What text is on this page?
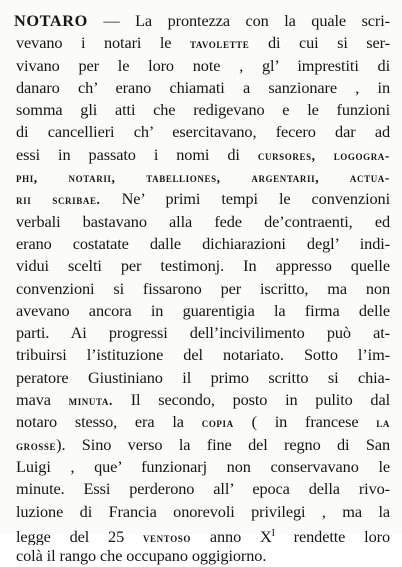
NOTARO — La prontezza con la quale scri-
vevano i notari le tavolette di cui si ser-
vivano per le loro note , gl’ imprestiti di
danaro ch’ erano chiamati a sanzionare , in
somma gli atti che redigevano e le funzioni
di cancellieri ch’ esercitavano, fecero dar ad
essi in passato i nomi di cursores, logogra-
phi, notarii, tabelliones, argentarii, actua-
rii scribae. Ne’ primi tempi le convenzioni
verbali bastavano alla fede de’contraenti, ed
erano costatate dalle dichiarazioni degl’ indi-
vidui scelti per testimonj. In appresso quelle
convenzioni si fissarono per iscritto, ma non
avevano ancora in guarentigia la firma delle
parti. Ai progressi dell’incivilimento può at-
tribuirsi l’istituzione del notariato. Sotto l’im-
peratore Giustiniano il primo scritto si chia-
mava minuta. Il secondo, posto in pulito dal
notaro stesso, era la copia ( in francese la
grosse). Sino verso la fine del regno di San
Luigi , que’ funzionarj non conservavano le
minute. Essi perderono all’ epoca della rivo-
luzione di Francia onorevoli privilegi , ma la
legge del 25 ventoso anno $X^I$ rendette loro
colà il rango che occupano oggigiorno.
